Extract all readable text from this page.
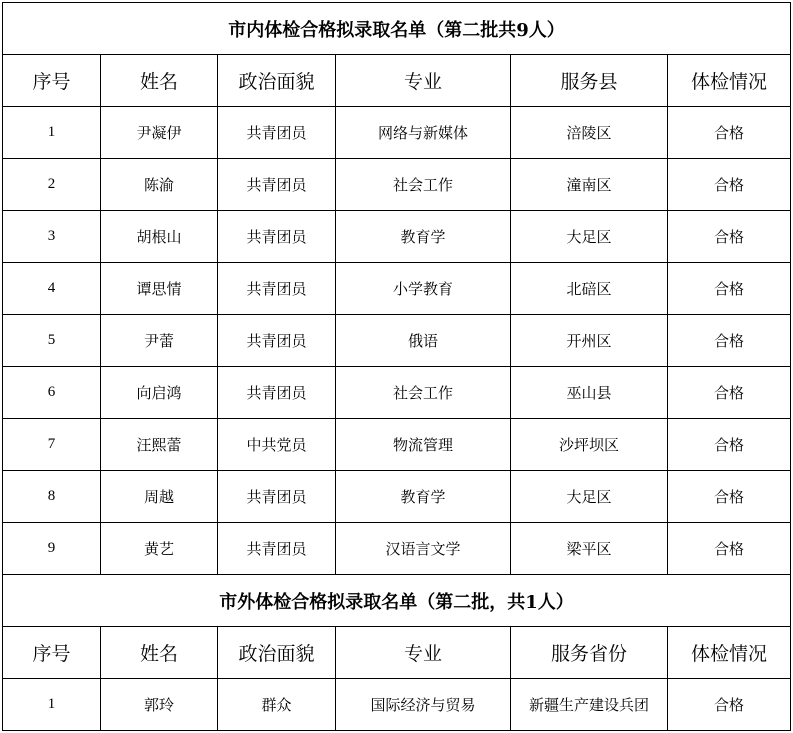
市内体检合格拟录取名单（第二批共9人）					
序号	姓名	政治面貌	专业	服务县	体检情况
1	尹凝伊	共青团员	网络与新媒体	涪陵区	合格
2	陈渝	共青团员	社会工作	潼南区	合格
3	胡根山	共青团员	教育学	大足区	合格
4	谭思情	共青团员	小学教育	北碚区	合格
5	尹蕾	共青团员	俄语	开州区	合格
6	向启鸿	共青团员	社会工作	巫山县	合格
7	汪熙蕾	中共党员	物流管理	沙坪坝区	合格
8	周越	共青团员	教育学	大足区	合格
9	黄艺	共青团员	汉语言文学	梁平区	合格
市外体检合格拟录取名单（第二批，共1人）					
序号	姓名	政治面貌	专业	服务省份	体检情况
1	郭玲	群众	国际经济与贸易	新疆生产建设兵团	合格
